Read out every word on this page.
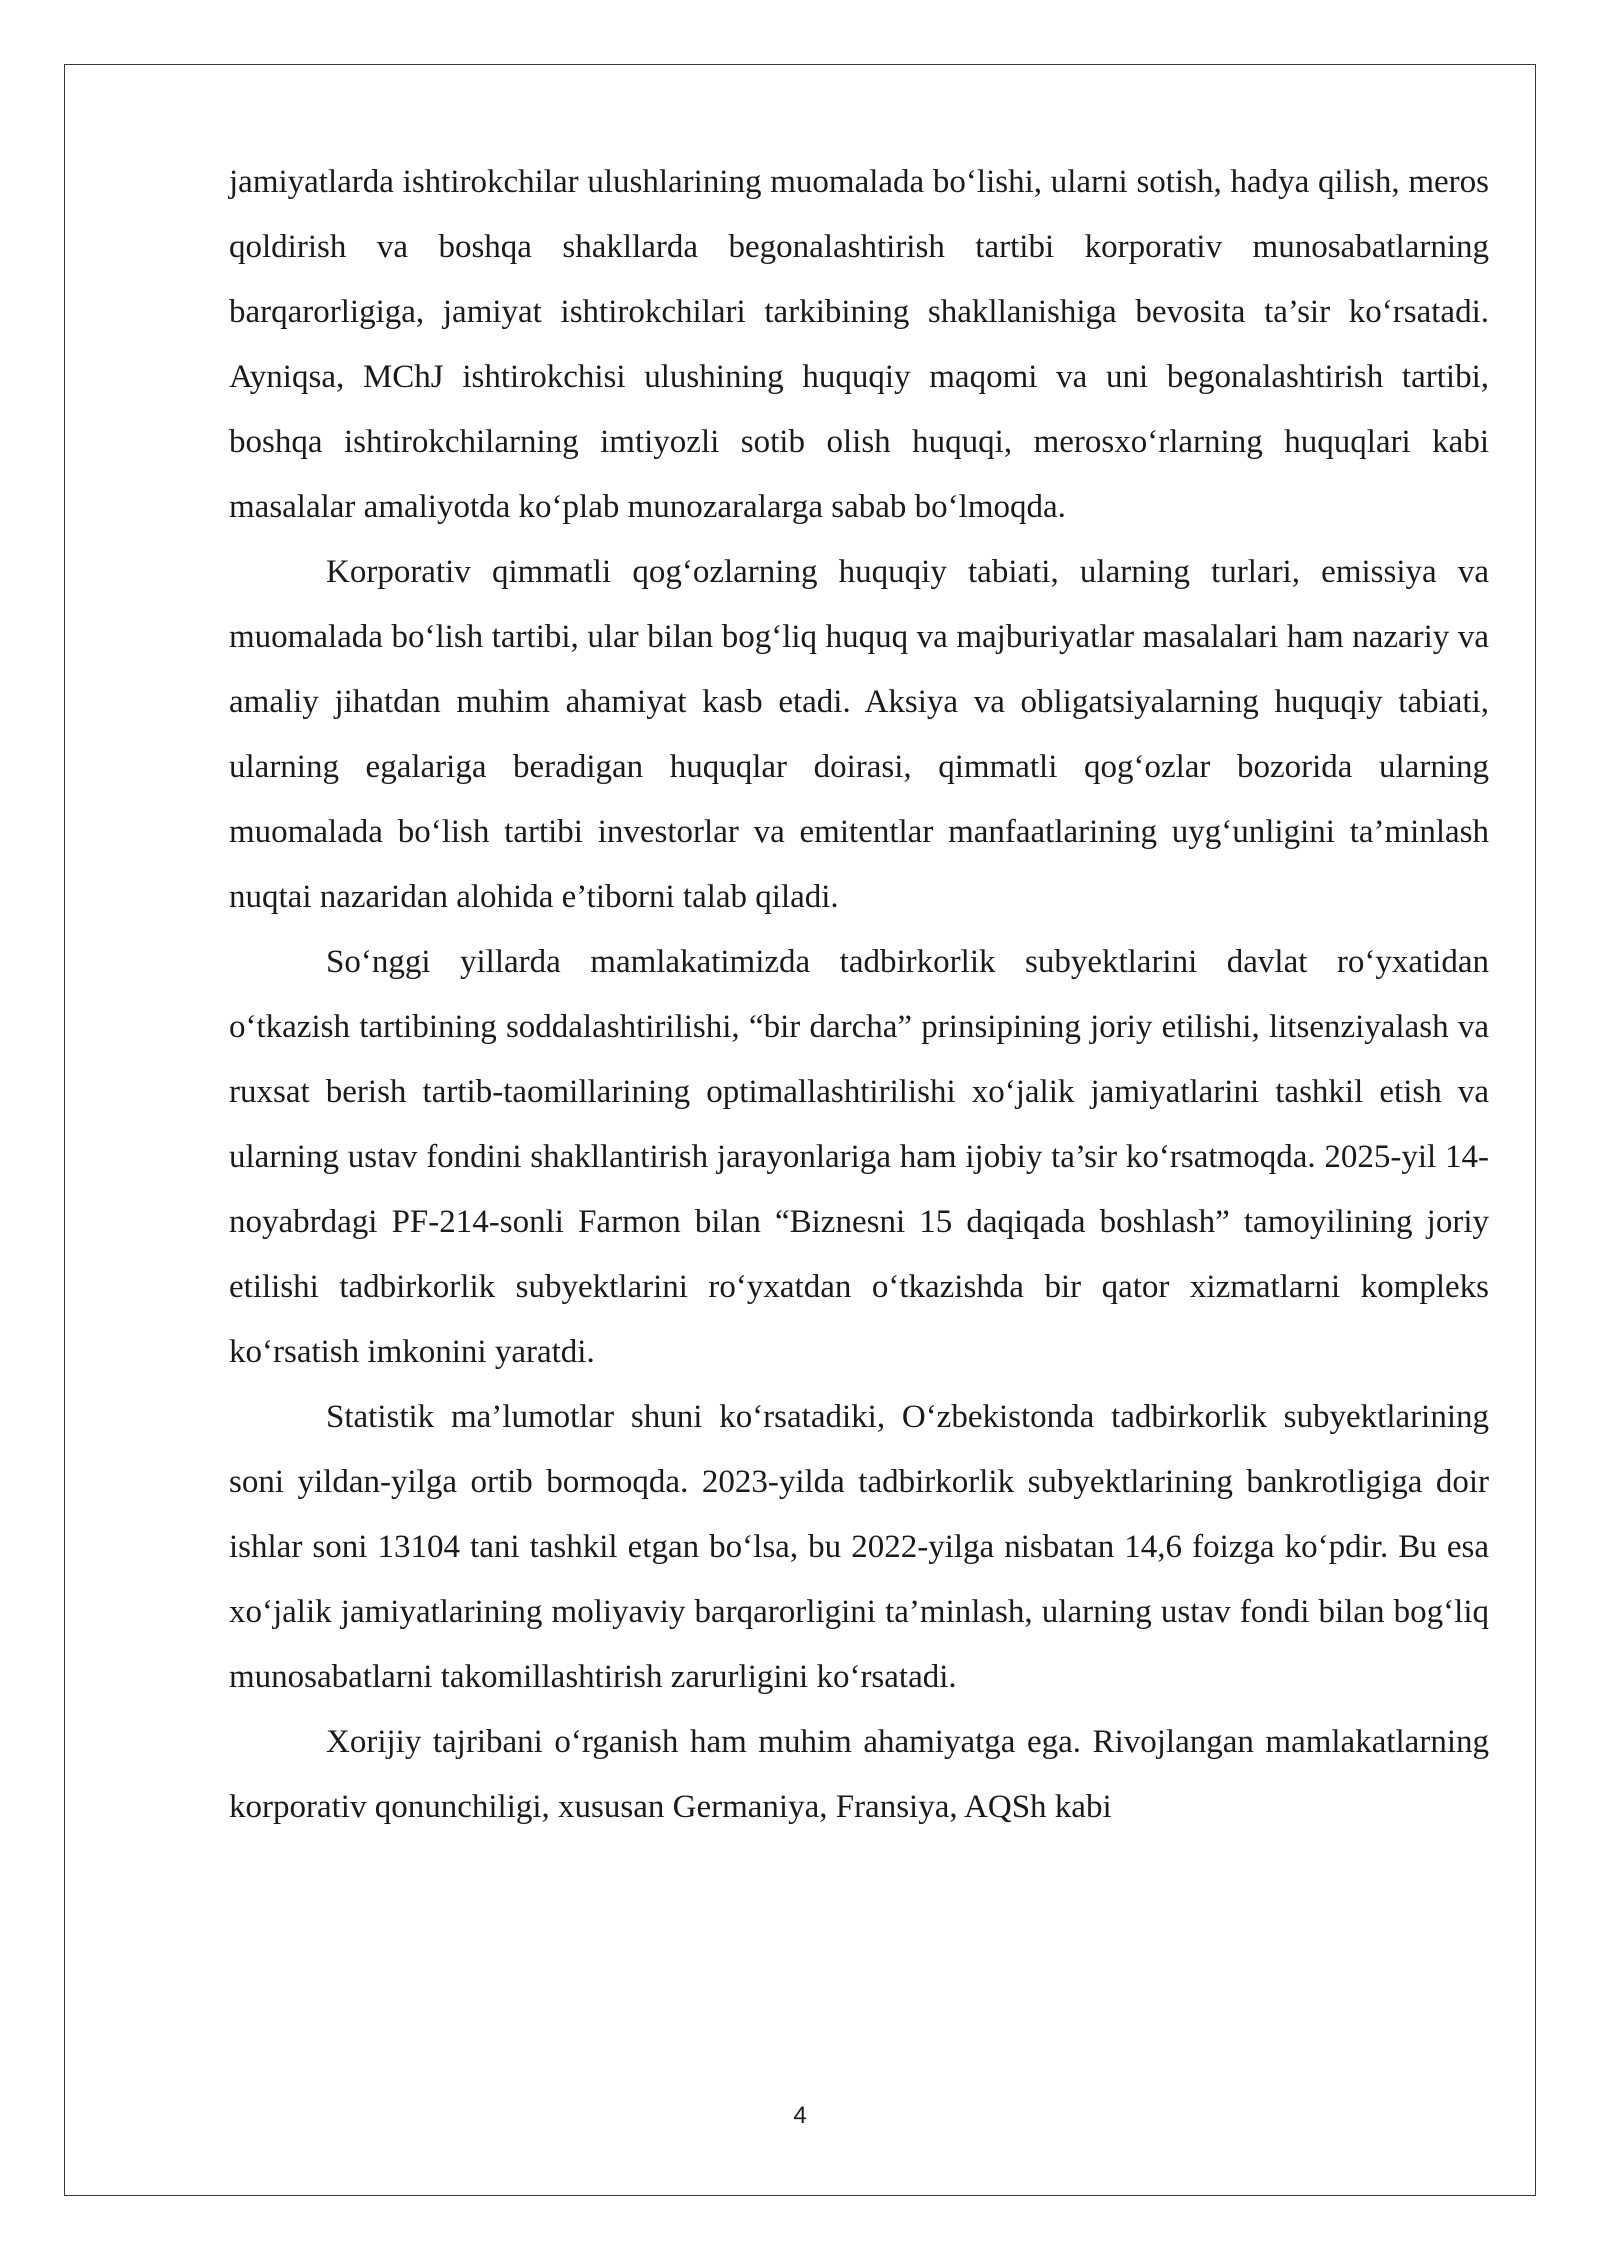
jamiyatlarda ishtirokchilar ulushlarining muomalada bo‘lishi, ularni sotish, hadya qilish, meros qoldirish va boshqa shakllarda begonalashtirish tartibi korporativ munosabatlarning barqarorligiga, jamiyat ishtirokchilari tarkibining shakllanishiga bevosita ta’sir ko‘rsatadi. Ayniqsa, MChJ ishtirokchisi ulushining huquqiy maqomi va uni begonalashtirish tartibi, boshqa ishtirokchilarning imtiyozli sotib olish huquqi, merosxo‘rlarning huquqlari kabi masalalar amaliyotda ko‘plab munozaralarga sabab bo‘lmoqda.

Korporativ qimmatli qog‘ozlarning huquqiy tabiati, ularning turlari, emissiya va muomalada bo‘lish tartibi, ular bilan bog‘liq huquq va majburiyatlar masalalari ham nazariy va amaliy jihatdan muhim ahamiyat kasb etadi. Aksiya va obligatsiyalarning huquqiy tabiati, ularning egalariga beradigan huquqlar doirasi, qimmatli qog‘ozlar bozorida ularning muomalada bo‘lish tartibi investorlar va emitentlar manfaatlarining uyg‘unligini ta’minlash nuqtai nazaridan alohida e’tiborni talab qiladi.

So‘nggi yillarda mamlakatimizda tadbirkorlik subyektlarini davlat ro‘yxatidan o‘tkazish tartibining soddalashtirilishi, “bir darcha” prinsipining joriy etilishi, litsenziyalash va ruxsat berish tartib-taomillarining optimallashtirilishi xo‘jalik jamiyatlarini tashkil etish va ularning ustav fondini shakllantirish jarayonlariga ham ijobiy ta’sir ko‘rsatmoqda. 2025-yil 14-noyabrdagi PF-214-sonli Farmon bilan “Biznesni 15 daqiqada boshlash” tamoyilining joriy etilishi tadbirkorlik subyektlarini ro‘yxatdan o‘tkazishda bir qator xizmatlarni kompleks ko‘rsatish imkonini yaratdi.

Statistik ma’lumotlar shuni ko‘rsatadiki, O‘zbekistonda tadbirkorlik subyektlarining soni yildan-yilga ortib bormoqda. 2023-yilda tadbirkorlik subyektlarining bankrotligiga doir ishlar soni 13104 tani tashkil etgan bo‘lsa, bu 2022-yilga nisbatan 14,6 foizga ko‘pdir. Bu esa xo‘jalik jamiyatlarining moliyaviy barqarorligini ta’minlash, ularning ustav fondi bilan bog‘liq munosabatlarni takomillashtirish zarurligini ko‘rsatadi.

Xorijiy tajribani o‘rganish ham muhim ahamiyatga ega. Rivojlangan mamlakatlarning korporativ qonunchiligi, xususan Germaniya, Fransiya, AQSh kabi

4
